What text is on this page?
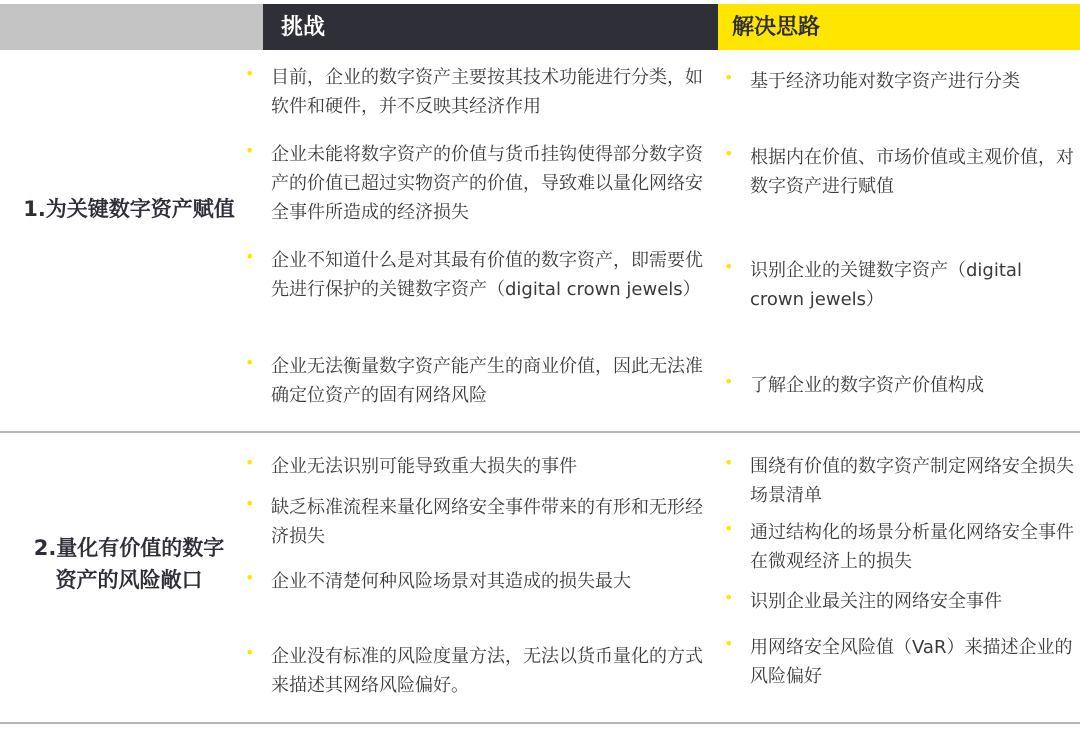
挑战	解决思路
1.为关键数字资产赋值
• 目前，企业的数字资产主要按其技术功能进行分类，如软件和硬件，并不反映其经济作用
• 企业未能将数字资产的价值与货币挂钩使得部分数字资产的价值已超过实物资产的价值，导致难以量化网络安全事件所造成的经济损失
• 企业不知道什么是对其最有价值的数字资产，即需要优先进行保护的关键数字资产（digital crown jewels）
• 企业无法衡量数字资产能产生的商业价值，因此无法准确定位资产的固有网络风险
• 基于经济功能对数字资产进行分类
• 根据内在价值、市场价值或主观价值，对数字资产进行赋值
• 识别企业的关键数字资产（digital crown jewels）
• 了解企业的数字资产价值构成
2.量化有价值的数字
资产的风险敞口
• 企业无法识别可能导致重大损失的事件
• 缺乏标准流程来量化网络安全事件带来的有形和无形经济损失
• 企业不清楚何种风险场景对其造成的损失最大
• 企业没有标准的风险度量方法，无法以货币量化的方式来描述其网络风险偏好。
• 围绕有价值的数字资产制定网络安全损失场景清单
• 通过结构化的场景分析量化网络安全事件在微观经济上的损失
• 识别企业最关注的网络安全事件
• 用网络安全风险值（VaR）来描述企业的风险偏好
